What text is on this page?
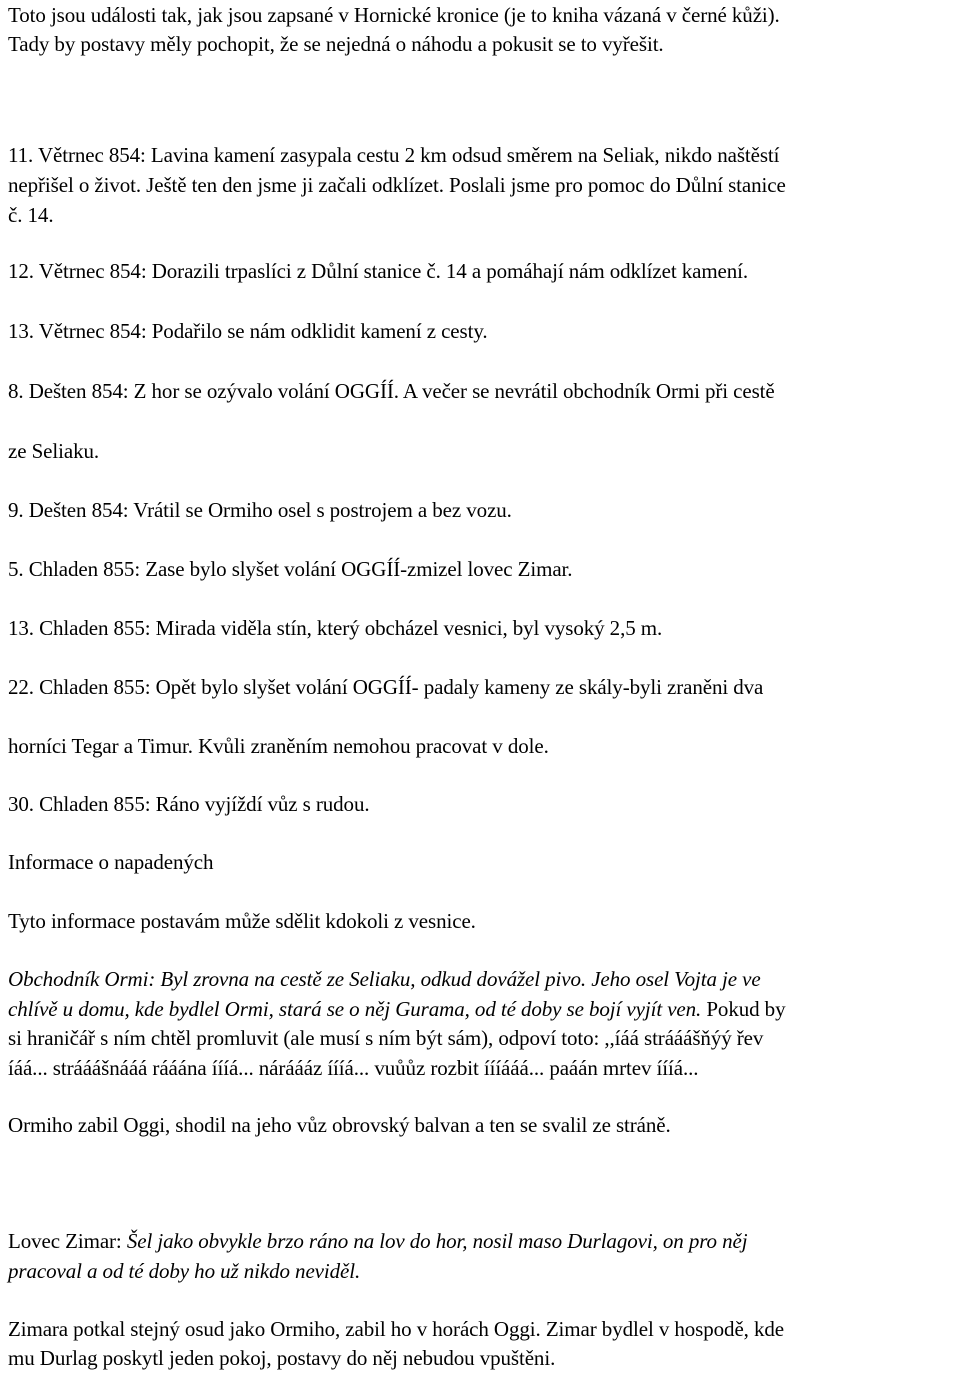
Toto jsou události tak, jak jsou zapsané v Hornické kronice (je to kniha vázaná v černé kůži).
Tady by postavy měly pochopit, že se nejedná o náhodu a pokusit se to vyřešit.
11. Větrnec 854: Lavina kamení zasypala cestu 2 km odsud směrem na Seliak, nikdo naštěstí
nepřišel o život. Ještě ten den jsme ji začali odklízet. Poslali jsme pro pomoc do Důlní stanice
č. 14.
12. Větrnec 854: Dorazili trpaslíci z Důlní stanice č. 14 a pomáhají nám odklízet kamení.
13. Větrnec 854: Podařilo se nám odklidit kamení z cesty.
8. Dešten 854: Z hor se ozývalo volání OGGÍÍ. A večer se nevrátil obchodník Ormi při cestě
ze Seliaku.
9. Dešten 854: Vrátil se Ormiho osel s postrojem a bez vozu.
5. Chladen 855: Zase bylo slyšet volání OGGÍÍ-zmizel lovec Zimar.
13. Chladen 855: Mirada viděla stín, který obcházel vesnici, byl vysoký 2,5 m.
22. Chladen 855: Opět bylo slyšet volání OGGÍÍ- padaly kameny ze skály-byli zraněni dva
horníci Tegar a Timur. Kvůli zraněním nemohou pracovat v dole.
30. Chladen 855: Ráno vyjíždí vůz s rudou.
Informace o napadených
Tyto informace postavám může sdělit kdokoli z vesnice.
Obchodník Ormi: Byl zrovna na cestě ze Seliaku, odkud dovážel pivo. Jeho osel Vojta je ve
chlívě u domu, kde bydlel Ormi, stará se o něj Gurama, od té doby se bojí vyjít ven. Pokud by
si hraničář s ním chtěl promluvit (ale musí s ním být sám), odpoví toto: ,,íáá strááášňýý řev
íáá... strááášnááá rááána íííá... náráááz íííá... vuůůz rozbit íííááá... paáán mrtev íííá...
Ormiho zabil Oggi, shodil na jeho vůz obrovský balvan a ten se svalil ze stráně.
Lovec Zimar: Šel jako obvykle brzo ráno na lov do hor, nosil maso Durlagovi, on pro něj
pracoval a od té doby ho už nikdo neviděl.
Zimara potkal stejný osud jako Ormiho, zabil ho v horách Oggi. Zimar bydlel v hospodě, kde
mu Durlag poskytl jeden pokoj, postavy do něj nebudou vpuštěni.
